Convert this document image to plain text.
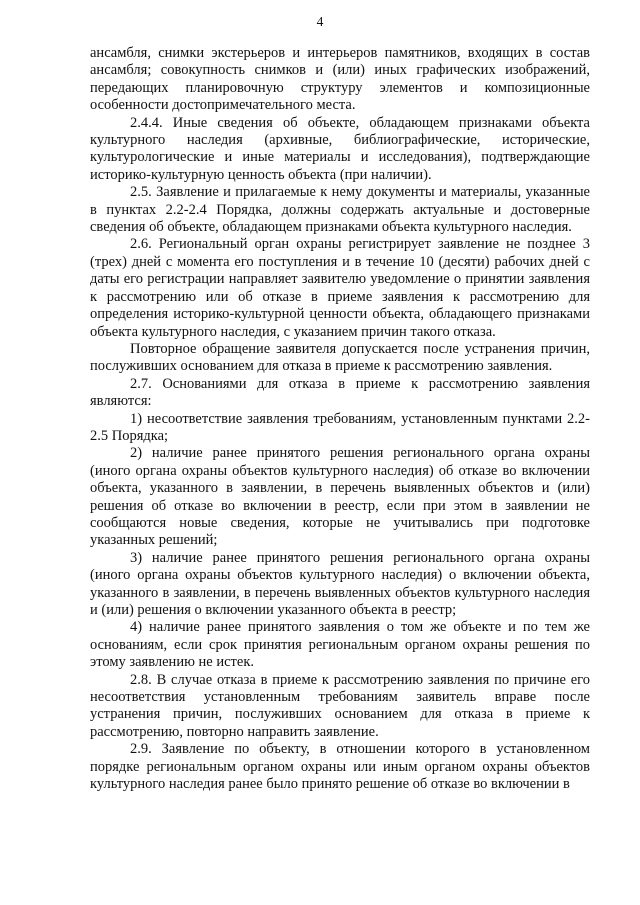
4

ансамбля, снимки экстерьеров и интерьеров памятников, входящих в состав ансамбля; совокупность снимков и (или) иных графических изображений, передающих планировочную структуру элементов и композиционные особенности достопримечательного места.

2.4.4. Иные сведения об объекте, обладающем признаками объекта культурного наследия (архивные, библиографические, исторические, культурологические и иные материалы и исследования), подтверждающие историко-культурную ценность объекта (при наличии).

2.5. Заявление и прилагаемые к нему документы и материалы, указанные в пунктах 2.2-2.4 Порядка, должны содержать актуальные и достоверные сведения об объекте, обладающем признаками объекта культурного наследия.

2.6. Региональный орган охраны регистрирует заявление не позднее 3 (трех) дней с момента его поступления и в течение 10 (десяти) рабочих дней с даты его регистрации направляет заявителю уведомление о принятии заявления к рассмотрению или об отказе в приеме заявления к рассмотрению для определения историко-культурной ценности объекта, обладающего признаками объекта культурного наследия, с указанием причин такого отказа.

Повторное обращение заявителя допускается после устранения причин, послуживших основанием для отказа в приеме к рассмотрению заявления.

2.7. Основаниями для отказа в приеме к рассмотрению заявления являются:

1) несоответствие заявления требованиям, установленным пунктами 2.2-2.5 Порядка;

2) наличие ранее принятого решения регионального органа охраны (иного органа охраны объектов культурного наследия) об отказе во включении объекта, указанного в заявлении, в перечень выявленных объектов и (или) решения об отказе во включении в реестр, если при этом в заявлении не сообщаются новые сведения, которые не учитывались при подготовке указанных решений;

3) наличие ранее принятого решения регионального органа охраны (иного органа охраны объектов культурного наследия) о включении объекта, указанного в заявлении, в перечень выявленных объектов культурного наследия и (или) решения о включении указанного объекта в реестр;

4) наличие ранее принятого заявления о том же объекте и по тем же основаниям, если срок принятия региональным органом охраны решения по этому заявлению не истек.

2.8. В случае отказа в приеме к рассмотрению заявления по причине его несоответствия установленным требованиям заявитель вправе после устранения причин, послуживших основанием для отказа в приеме к рассмотрению, повторно направить заявление.

2.9. Заявление по объекту, в отношении которого в установленном порядке региональным органом охраны или иным органом охраны объектов культурного наследия ранее было принято решение об отказе во включении в
